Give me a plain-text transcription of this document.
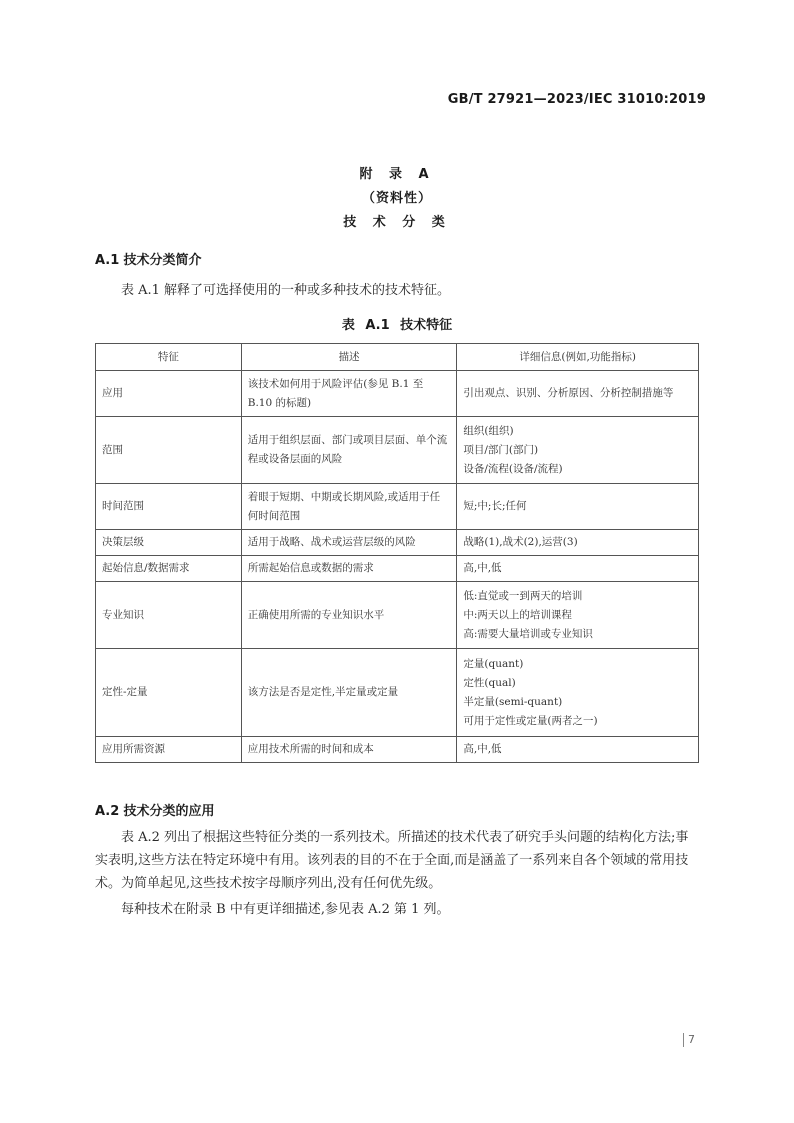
GB/T 27921—2023/IEC 31010:2019
附 录 A
（资料性）
技 术 分 类
A.1 技术分类简介
表 A.1 解释了可选择使用的一种或多种技术的技术特征。
表 A.1 技术特征
特征	描述	详细信息(例如,功能指标)
应用	该技术如何用于风险评估(参见 B.1 至 B.10 的标题)	引出观点、识别、分析原因、分析控制措施等

范围	适用于组织层面、部门或项目层面、单个流程或设备层面的风险	组织(组织)
项目/部门(部门)
设备/流程(设备/流程)

时间范围	着眼于短期、中期或长期风险,或适用于任何时间范围	短;中;长;任何

决策层级	适用于战略、战术或运营层级的风险	战略(1),战术(2),运营(3)

起始信息/数据需求	所需起始信息或数据的需求	高,中,低

专业知识	正确使用所需的专业知识水平	低:直觉或一到两天的培训
中:两天以上的培训课程
高:需要大量培训或专业知识

定性-定量	该方法是否是定性,半定量或定量	定量(quant)
定性(qual)
半定量(semi-quant)
可用于定性或定量(两者之一)

应用所需资源	应用技术所需的时间和成本	高,中,低
A.2 技术分类的应用
表 A.2 列出了根据这些特征分类的一系列技术。所描述的技术代表了研究手头问题的结构化方法;事实表明,这些方法在特定环境中有用。该列表的目的不在于全面,而是涵盖了一系列来自各个领域的常用技术。为简单起见,这些技术按字母顺序列出,没有任何优先级。
每种技术在附录 B 中有更详细描述,参见表 A.2 第 1 列。
7
